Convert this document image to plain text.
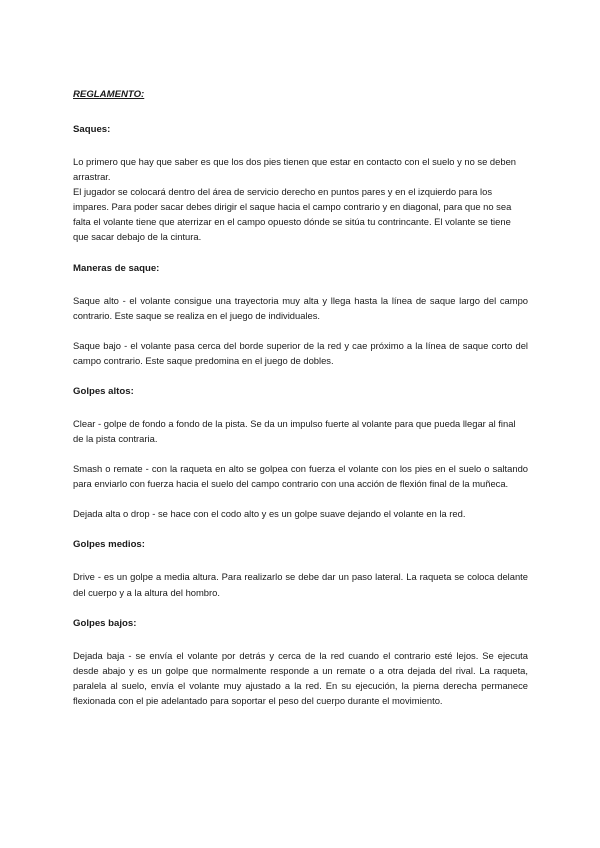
REGLAMENTO:
Saques:
Lo primero que hay que saber es que los dos pies tienen que estar en contacto con el suelo y no se deben arrastrar.
El jugador se colocará dentro del área de servicio derecho en puntos pares y en el izquierdo para los impares. Para poder sacar debes dirigir el saque hacia el campo contrario y en diagonal, para que no sea falta el volante tiene que aterrizar en el campo opuesto dónde se sitúa tu contrincante. El volante se tiene que sacar debajo de la cintura.
Maneras de saque:
Saque alto - el volante consigue una trayectoria muy alta y llega hasta la línea de saque largo del campo contrario. Este saque se realiza en el juego de individuales.
Saque bajo - el volante pasa cerca del borde superior de la red y cae próximo a la línea de saque corto del campo contrario. Este saque predomina en el juego de dobles.
Golpes altos:
Clear - golpe de fondo a fondo de la pista. Se da un impulso fuerte al volante para que pueda llegar al final de la pista contraria.
Smash o remate - con la raqueta en alto se golpea con fuerza el volante con los pies en el suelo o saltando para enviarlo con fuerza hacia el suelo del campo contrario con una acción de flexión final de la muñeca.
Dejada alta o drop - se hace con el codo alto y es un golpe suave dejando el volante en la red.
Golpes medios:
Drive - es un golpe a media altura. Para realizarlo se debe dar un paso lateral. La raqueta se coloca delante del cuerpo y a la altura del hombro.
Golpes bajos:
Dejada baja - se envía el volante por detrás y cerca de la red cuando el contrario esté lejos. Se ejecuta desde abajo y es un golpe que normalmente responde a un remate o a otra dejada del rival. La raqueta, paralela al suelo, envía el volante muy ajustado a la red. En su ejecución, la pierna derecha permanece flexionada con el pie adelantado para soportar el peso del cuerpo durante el movimiento.
